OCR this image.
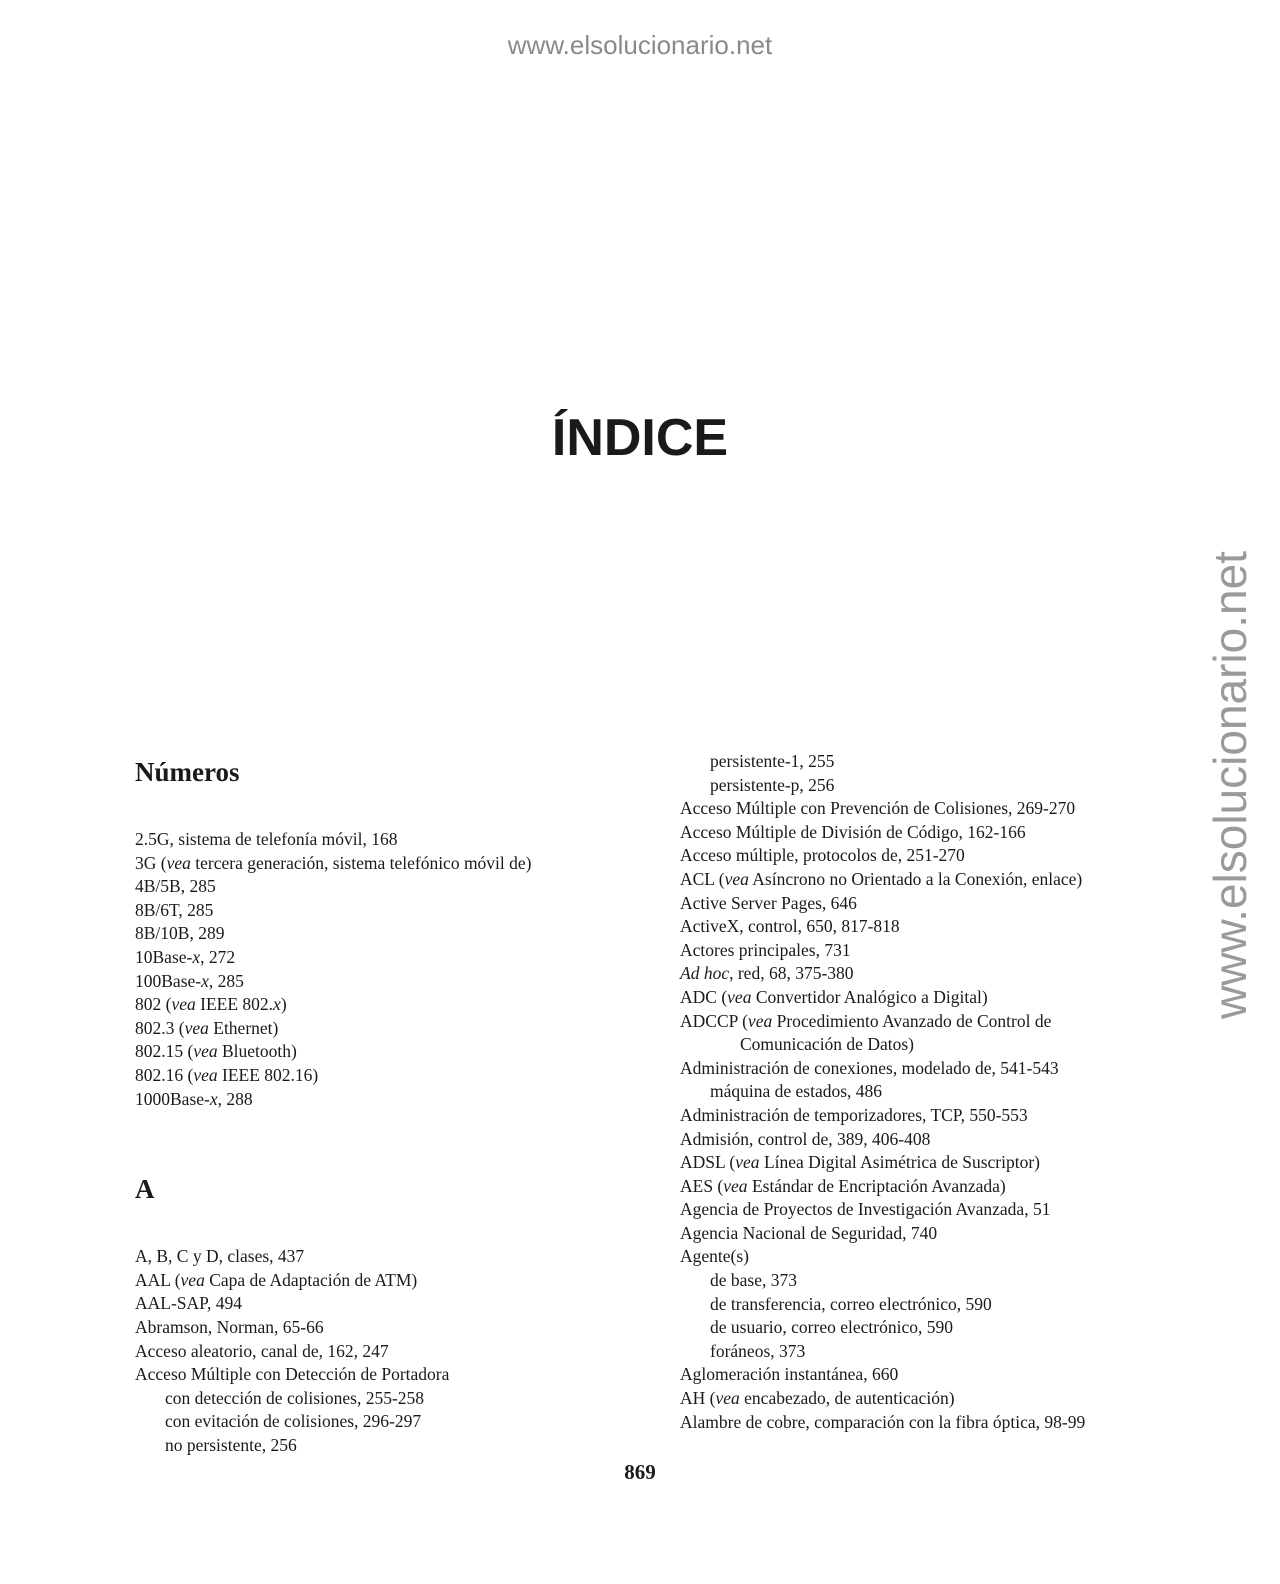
www.elsolucionario.net
www.elsolucionario.net
ÍNDICE
Números
2.5G, sistema de telefonía móvil, 168
3G (vea tercera generación, sistema telefónico móvil de)
4B/5B, 285
8B/6T, 285
8B/10B, 289
10Base-x, 272
100Base-x, 285
802 (vea IEEE 802.x)
802.3 (vea Ethernet)
802.15 (vea Bluetooth)
802.16 (vea IEEE 802.16)
1000Base-x, 288
A
A, B, C y D, clases, 437
AAL (vea Capa de Adaptación de ATM)
AAL-SAP, 494
Abramson, Norman, 65-66
Acceso aleatorio, canal de, 162, 247
Acceso Múltiple con Detección de Portadora
con detección de colisiones, 255-258
con evitación de colisiones, 296-297
no persistente, 256
persistente-1, 255
persistente-p, 256
Acceso Múltiple con Prevención de Colisiones, 269-270
Acceso Múltiple de División de Código, 162-166
Acceso múltiple, protocolos de, 251-270
ACL (vea Asíncrono no Orientado a la Conexión, enlace)
Active Server Pages, 646
ActiveX, control, 650, 817-818
Actores principales, 731
Ad hoc, red, 68, 375-380
ADC (vea Convertidor Analógico a Digital)
ADCCP (vea Procedimiento Avanzado de Control de
Comunicación de Datos)
Administración de conexiones, modelado de, 541-543
máquina de estados, 486
Administración de temporizadores, TCP, 550-553
Admisión, control de, 389, 406-408
ADSL (vea Línea Digital Asimétrica de Suscriptor)
AES (vea Estándar de Encriptación Avanzada)
Agencia de Proyectos de Investigación Avanzada, 51
Agencia Nacional de Seguridad, 740
Agente(s)
de base, 373
de transferencia, correo electrónico, 590
de usuario, correo electrónico, 590
foráneos, 373
Aglomeración instantánea, 660
AH (vea encabezado, de autenticación)
Alambre de cobre, comparación con la fibra óptica, 98-99
869
